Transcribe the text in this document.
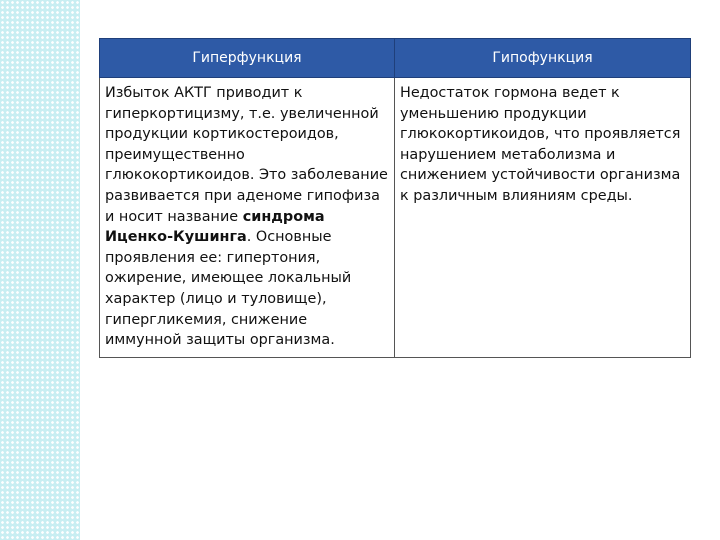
Гиперфункция	Гипофункция
Избыток АКТГ приводит к гиперкортицизму, т.е. увеличенной продукции кортикостероидов, преимущественно глюкокортикоидов. Это заболевание развивается при аденоме гипофиза и носит название синдрома Иценко-Кушинга. Основные проявления ее: гипертония, ожирение, имеющее локальный характер (лицо и туловище), гипергликемия, снижение иммунной защиты организма.	Недостаток гормона ведет к уменьшению продукции глюкокортикоидов, что проявляется нарушением метаболизма и снижением устойчивости организма к различным влияниям среды.
